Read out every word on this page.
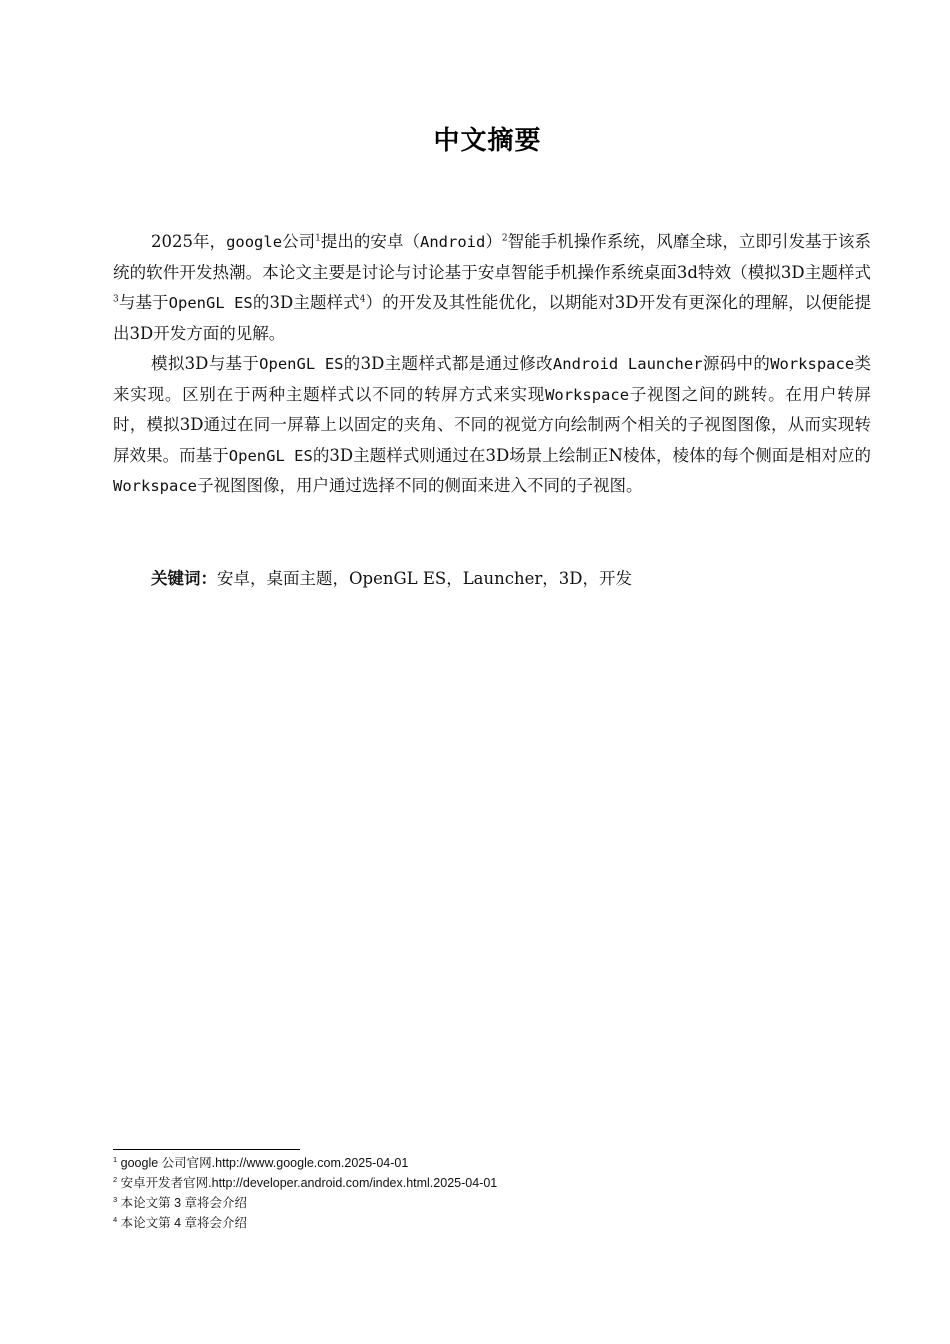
中文摘要

2025年，google公司$^1$提出的安卓（Android）$^2$智能手机操作系统，风靡全球，立即引发基于该系统的软件开发热潮。本论文主要是讨论与讨论基于安卓智能手机操作系统桌面3d特效（模拟3D主题样式$^3$与基于OpenGL ES的3D主题样式$^4$）的开发及其性能优化，以期能对3D开发有更深化的理解，以便能提出3D开发方面的见解。

模拟3D与基于OpenGL ES的3D主题样式都是通过修改Android Launcher源码中的Workspace类来实现。区别在于两种主题样式以不同的转屏方式来实现Workspace子视图之间的跳转。在用户转屏时，模拟3D通过在同一屏幕上以固定的夹角、不同的视觉方向绘制两个相关的子视图图像，从而实现转屏效果。而基于OpenGL ES的3D主题样式则通过在3D场景上绘制正N棱体，棱体的每个侧面是相对应的Workspace子视图图像，用户通过选择不同的侧面来进入不同的子视图。

关键词：安卓，桌面主题，OpenGL ES，Launcher，3D，开发
$^1$ google 公司官网.http://www.google.com.2025-04-01
$^2$ 安卓开发者官网.http://developer.android.com/index.html.2025-04-01
$^3$ 本论文第 3 章将会介绍
$^4$ 本论文第 4 章将会介绍
